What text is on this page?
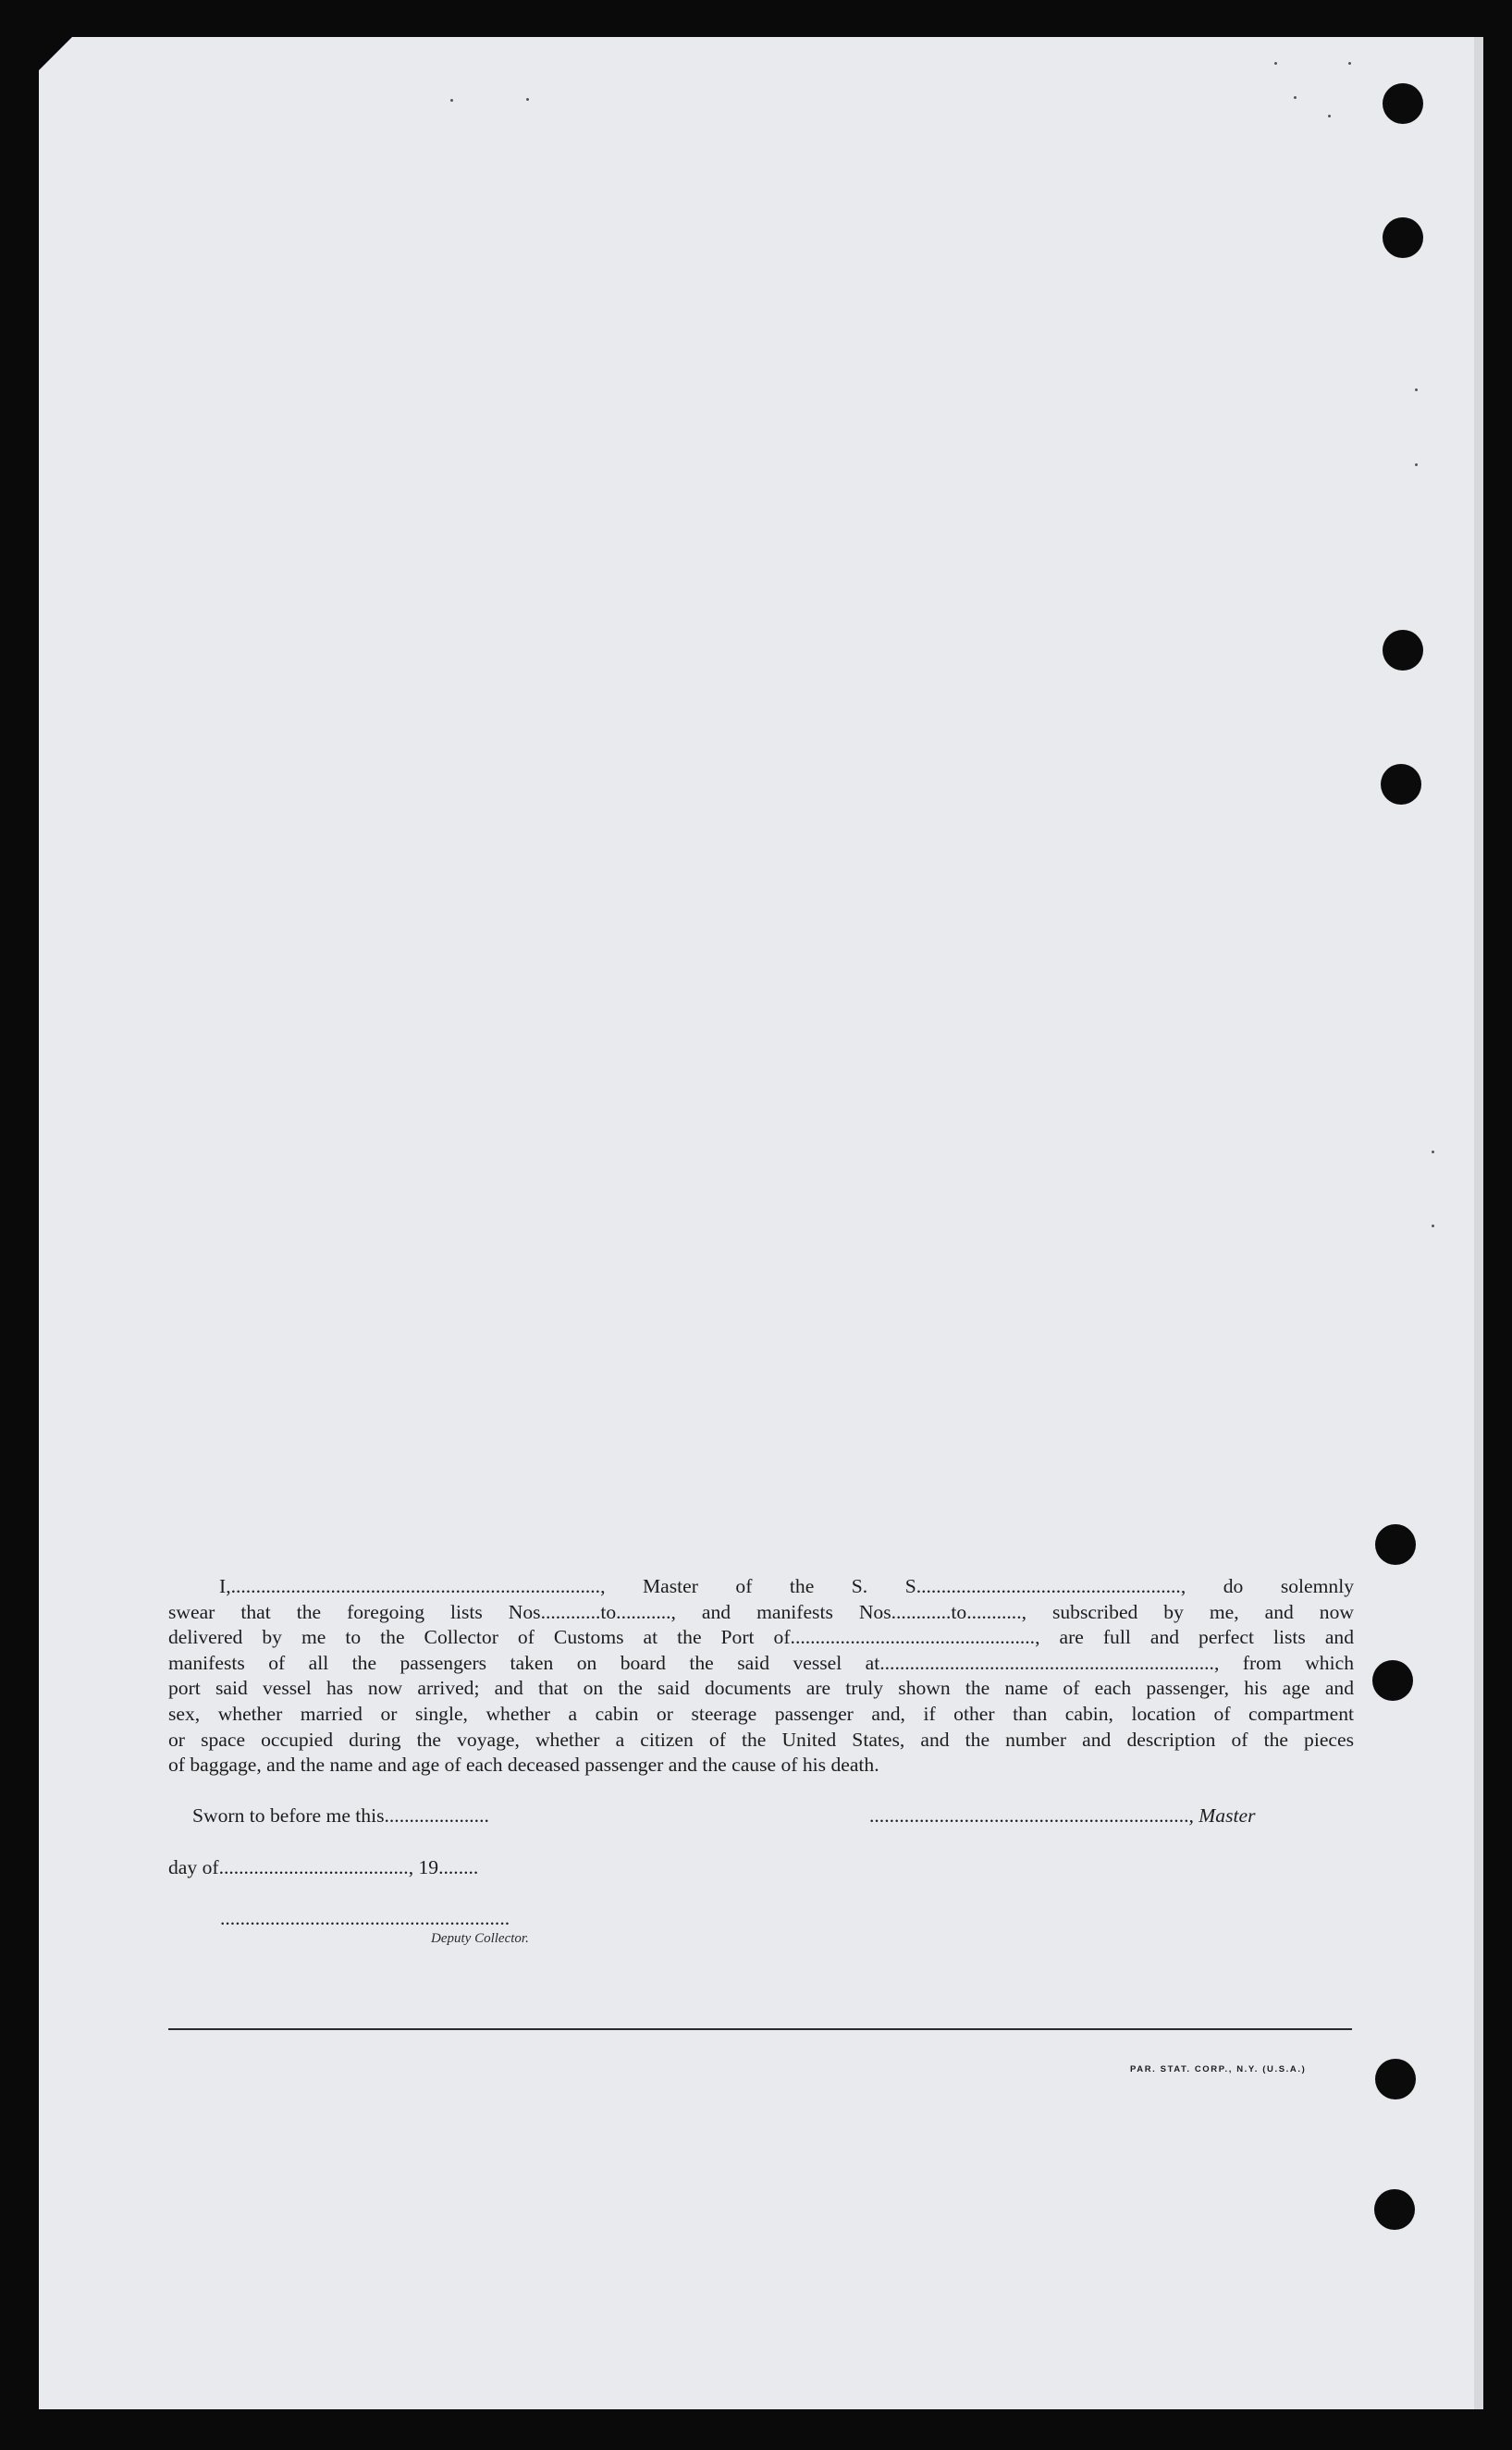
I,.........................................................................., Master of the S. S....................................................., do solemnly
swear that the foregoing lists Nos............to..........., and manifests Nos............to..........., subscribed by me, and now
delivered by me to the Collector of Customs at the Port of................................................., are full and perfect lists and
manifests of all the passengers taken on board the said vessel at..................................................................., from which
port said vessel has now arrived; and that on the said documents are truly shown the name of each passenger, his age and
sex, whether married or single, whether a cabin or steerage passenger and, if other than cabin, location of compartment
or space occupied during the voyage, whether a citizen of the United States, and the number and description of the pieces
of baggage, and the name and age of each deceased passenger and the cause of his death.
Sworn to before me this.....................	................................................................, Master
day of......................................, 19........
..........................................................
Deputy Collector.
PAR. STAT. CORP., N.Y. (U.S.A.)
